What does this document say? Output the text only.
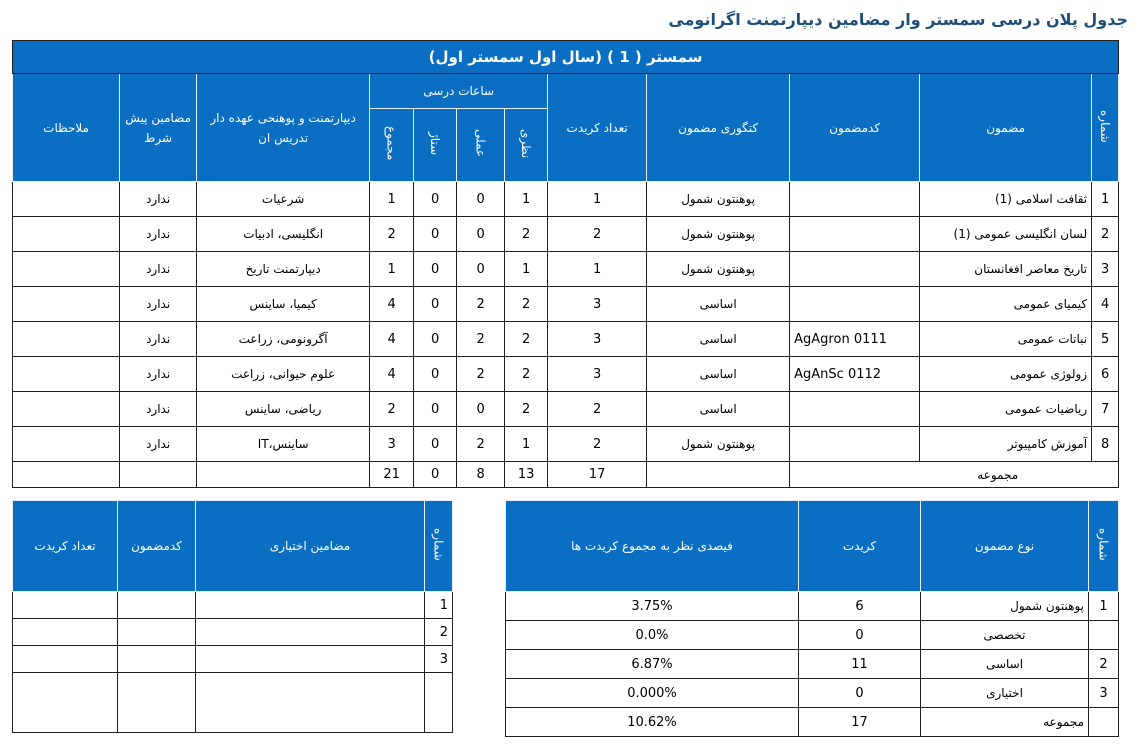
جدول پلان درسی سمستر وار مضامین دیپارتمنت اگرانومی
سمستر ( 1 ) (سال اول سمستر اول)											
شماره	مضمون	کدمضمون	کتگوری مضمون	تعداد کریدت	ساعات درسی				دیپارتمنت و پوهنحی عهده دار تدریس ان	مضامین پیش شرط	ملاحظات
					نظری	عملی	ستاژ	مجموع			
1	ثقافت اسلامی (1)		پوهنتون شمول	1	1	0	0	1	شرعیات	ندارد	
2	لسان انگلیسی عمومی (1)		پوهنتون شمول	2	2	0	0	2	انگلیسی، ادبیات	ندارد	
3	تاریخ معاصر افغانستان		پوهنتون شمول	1	1	0	0	1	دیپارتمنت تاریخ	ندارد	
4	کیمیای عمومی		اساسی	3	2	2	0	4	کیمیا، ساینس	ندارد	
5	نباتات عمومی	AgAgron 0111	اساسی	3	2	2	0	4	آگرونومی، زراعت	ندارد	
6	زولوژی عمومی	AgAnSc 0112	اساسی	3	2	2	0	4	علوم حیوانی، زراعت	ندارد	
7	ریاضیات عمومی		اساسی	2	2	0	0	2	ریاضی، ساینس	ندارد	
8	آموزش کامپیوتر		پوهنتون شمول	2	1	2	0	3	ساینس،IT	ندارد	
مجموعه				17	13	8	0	21			
شماره	نوع مضمون	کریدت	فیصدی نظر به مجموع کریدت ها
1	پوهنتون شمول	6	3.75%
	تخصصی	0	0.0%
2	اساسی	11	6.87%
3	اختیاری	0	0.000%
	مجموعه	17	10.62%
شماره	مضامین اختیاری	کدمضمون	تعداد کریدت
1			
2			
3			
